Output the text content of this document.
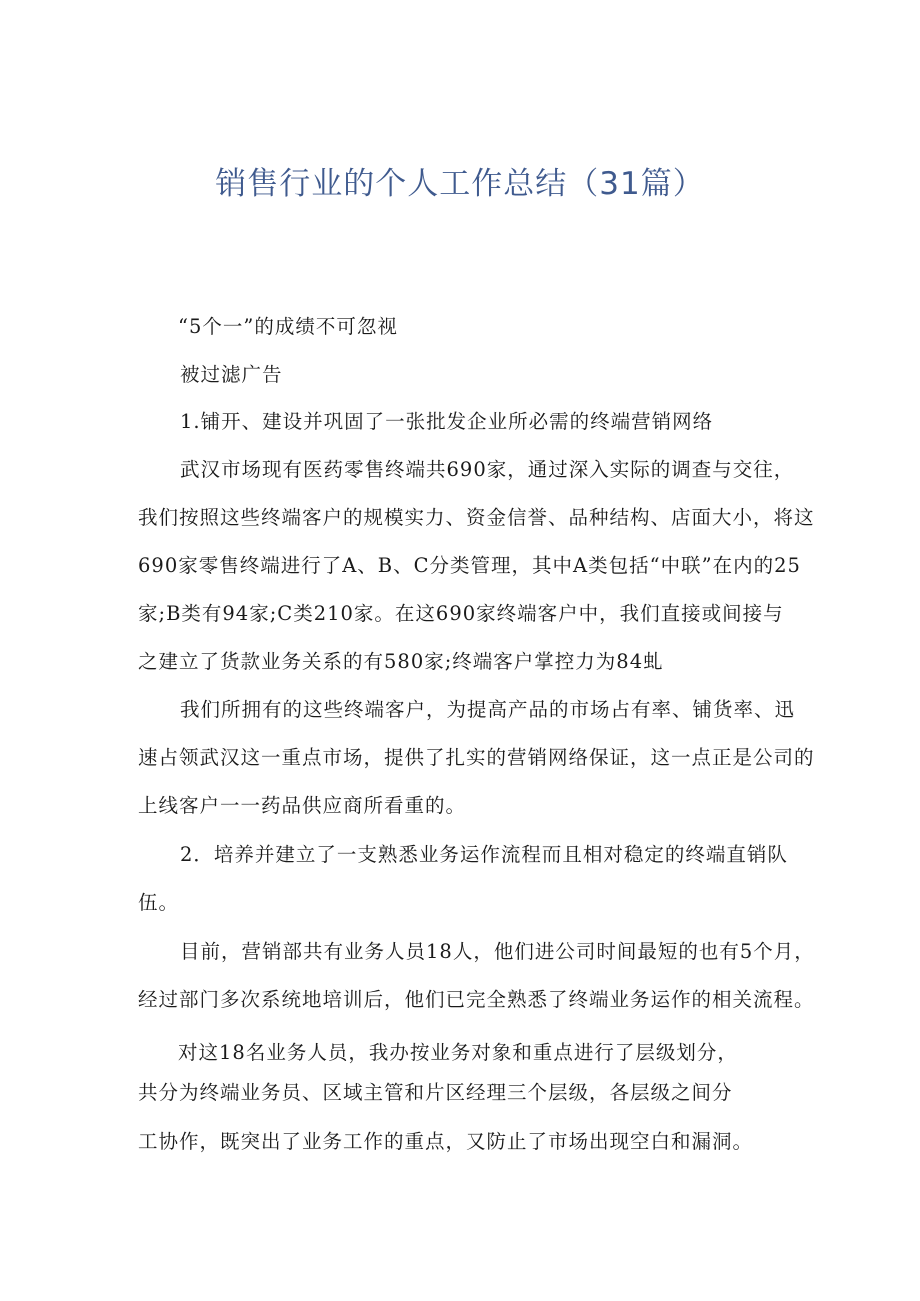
销售行业的个人工作总结（31篇）

“5个一”的成绩不可忽视

被过滤广告

1.铺开、建设并巩固了一张批发企业所必需的终端营销网络

武汉市场现有医药零售终端共690家，通过深入实际的调查与交往，

我们按照这些终端客户的规模实力、资金信誉、品种结构、店面大小，将这

690家零售终端进行了A、B、C分类管理，其中A类包括“中联”在内的25

家;B类有94家;C类210家。在这690家终端客户中，我们直接或间接与

之建立了货款业务关系的有580家;终端客户掌控力为84虬

我们所拥有的这些终端客户，为提高产品的市场占有率、铺货率、迅

速占领武汉这一重点市场，提供了扎实的营销网络保证，这一点正是公司的

上线客户一一药品供应商所看重的。

2．培养并建立了一支熟悉业务运作流程而且相对稳定的终端直销队

伍。

目前，营销部共有业务人员18人，他们进公司时间最短的也有5个月，

经过部门多次系统地培训后，他们已完全熟悉了终端业务运作的相关流程。

对这18名业务人员，我办按业务对象和重点进行了层级划分，

共分为终端业务员、区域主管和片区经理三个层级，各层级之间分

工协作，既突出了业务工作的重点，又防止了市场出现空白和漏洞。
